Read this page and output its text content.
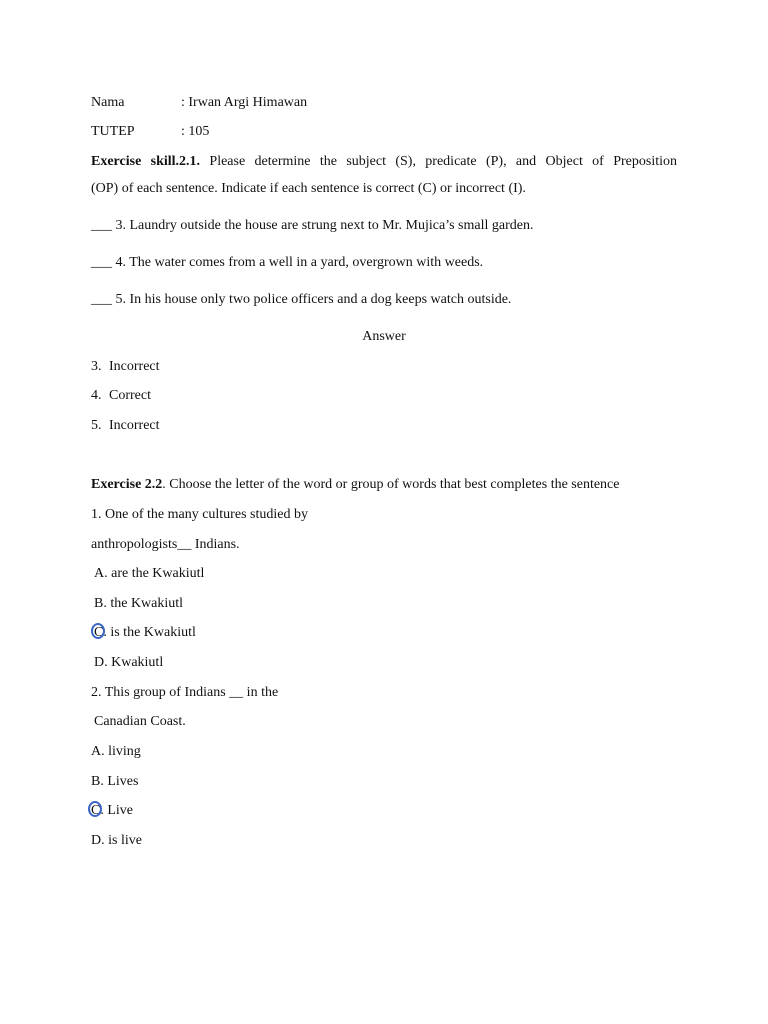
Nama	: Irwan Argi Himawan
TUTEP	: 105
Exercise skill.2.1. Please determine the subject (S), predicate (P), and Object of Preposition
(OP) of each sentence. Indicate if each sentence is correct (C) or incorrect (I).
___ 3. Laundry outside the house are strung next to Mr. Mujica’s small garden.
___ 4. The water comes from a well in a yard, overgrown with weeds.
___ 5. In his house only two police officers and a dog keeps watch outside.
Answer
3. Incorrect
4. Correct
5. Incorrect
Exercise 2.2. Choose the letter of the word or group of words that best completes the sentence
1. One of the many cultures studied by
anthropologists__ Indians.
A. are the Kwakiutl
B. the Kwakiutl
C. is the Kwakiutl
D. Kwakiutl
2. This group of Indians __ in the
Canadian Coast.
A. living
B. Lives
C. Live
D. is live
